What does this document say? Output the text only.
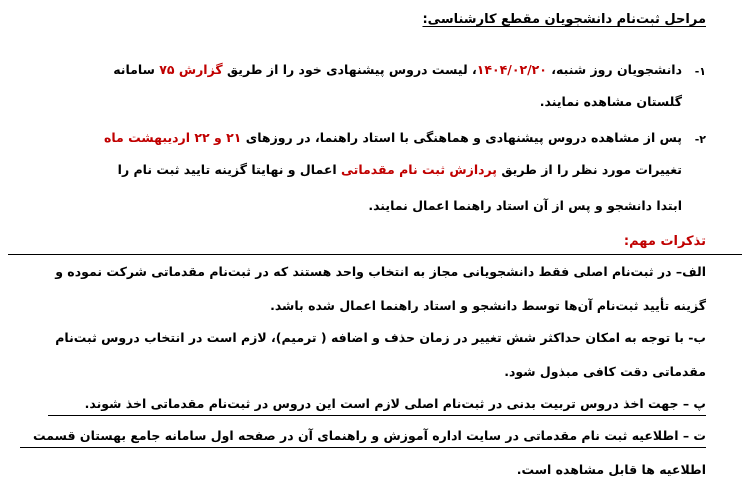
مراحل ثبت‌نام دانشجویان مقطع کارشناسی:
۱-
دانشجویان روز شنبه، ۱۴۰۴/۰۲/۲۰، لیست دروس پیشنهادی خود را از طریق گزارش ۷۵ سامانه
گلستان مشاهده نمایند.
۲-
پس از مشاهده دروس پیشنهادی و هماهنگی با استاد راهنما، در روزهای ۲۱ و ۲۲ اردیبهشت ماه
تغییرات مورد نظر را از طریق پردازش ثبت نام مقدماتی اعمال و نهایتا گزینه تایید ثبت نام را
ابتدا دانشجو و پس از آن استاد راهنما اعمال نمایند.
تذکرات مهم:
الف– در ثبت‌نام اصلی فقط دانشجویانی مجاز به انتخاب واحد هستند که در ثبت‌نام مقدماتی شرکت نموده و
گزینه تأیید ثبت‌نام آن‌ها توسط دانشجو و استاد راهنما اعمال شده باشد.
ب- با توجه به امکان حداکثر شش تغییر در زمان حذف و اضافه ( ترمیم)، لازم است در انتخاب دروس ثبت‌نام
مقدماتی دقت کافی مبذول شود.
پ – جهت اخذ دروس تربیت بدنی در ثبت‌نام اصلی لازم است این دروس در ثبت‌نام مقدماتی اخذ شوند.
ت – اطلاعیه ثبت نام مقدماتی در سایت اداره آموزش و راهنمای آن در صفحه اول سامانه جامع بهستان قسمت
اطلاعیه ها قابل مشاهده است.
